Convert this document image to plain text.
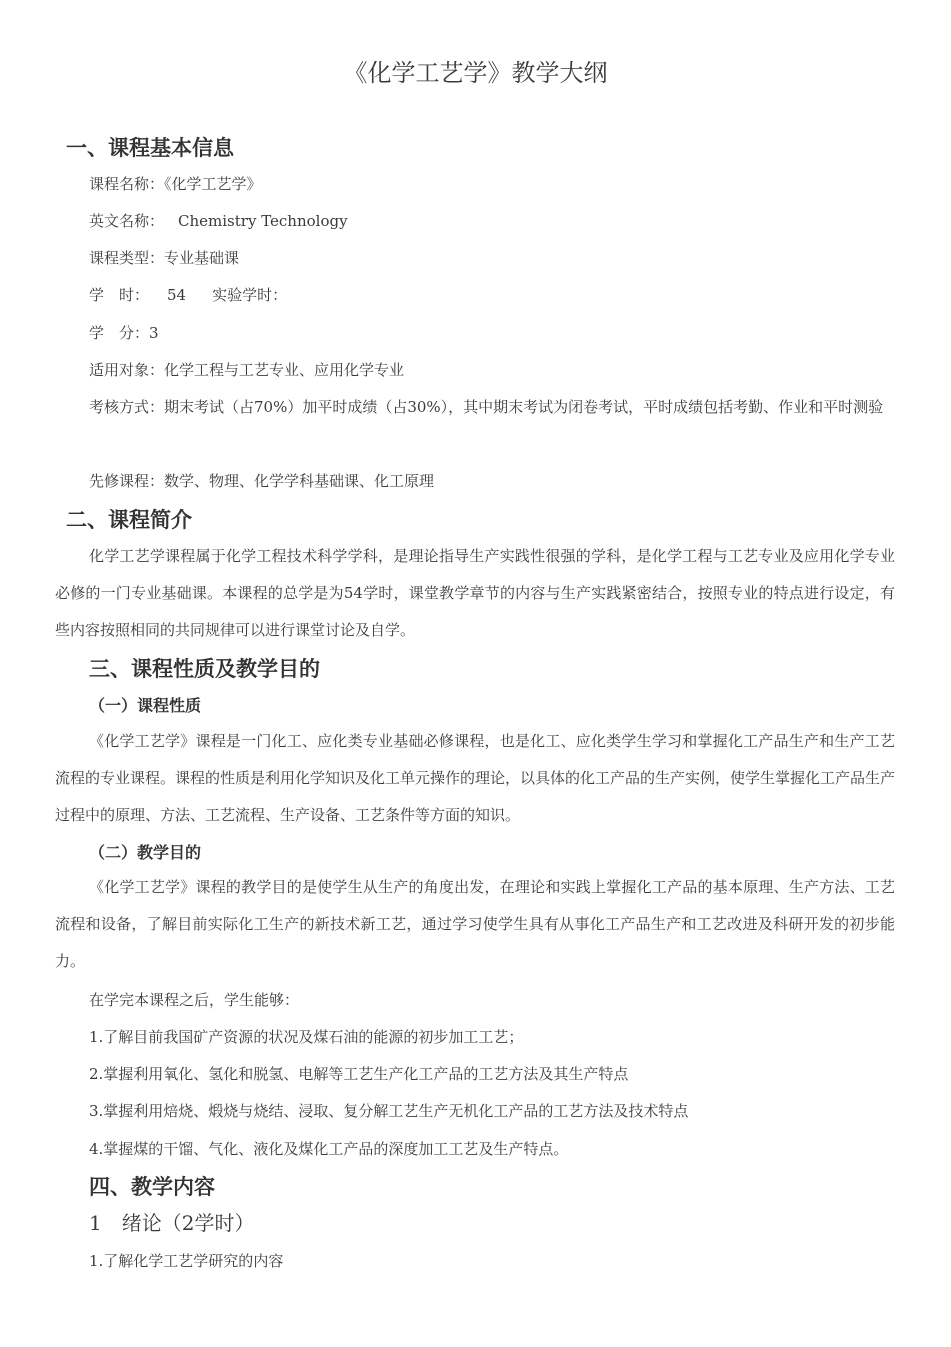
《化学工艺学》教学大纲
一、课程基本信息
课程名称：《化学工艺学》
英文名称： Chemistry Technology
课程类型：专业基础课
学　时： 54 实验学时：
学　分：3
适用对象：化学工程与工艺专业、应用化学专业

考核方式：期末考试（占70%）加平时成绩（占30%），其中期末考试为闭卷考试，平时成绩包括考勤、作业和平时测验

先修课程：数学、物理、化学学科基础课、化工原理
二、课程简介

化学工艺学课程属于化学工程技术科学学科，是理论指导生产实践性很强的学科，是化学工程与工艺专业及应用化学专业必修的一门专业基础课。本课程的总学是为54学时，课堂教学章节的内容与生产实践紧密结合，按照专业的特点进行设定，有些内容按照相同的共同规律可以进行课堂讨论及自学。

三、课程性质及教学目的
（一）课程性质

《化学工艺学》课程是一门化工、应化类专业基础必修课程，也是化工、应化类学生学习和掌握化工产品生产和生产工艺流程的专业课程。课程的性质是利用化学知识及化工单元操作的理论，以具体的化工产品的生产实例，使学生掌握化工产品生产过程中的原理、方法、工艺流程、生产设备、工艺条件等方面的知识。

（二）教学目的

《化学工艺学》课程的教学目的是使学生从生产的角度出发，在理论和实践上掌握化工产品的基本原理、生产方法、工艺流程和设备，了解目前实际化工生产的新技术新工艺，通过学习使学生具有从事化工产品生产和工艺改进及科研开发的初步能力。

在学完本课程之后，学生能够：
1.了解目前我国矿产资源的状况及煤石油的能源的初步加工工艺；
2.掌握利用氧化、氢化和脱氢、电解等工艺生产化工产品的工艺方法及其生产特点
3.掌握利用焙烧、煅烧与烧结、浸取、复分解工艺生产无机化工产品的工艺方法及技术特点
4.掌握煤的干馏、气化、液化及煤化工产品的深度加工工艺及生产特点。
四、教学内容
1　绪论（2学时）
1.了解化学工艺学研究的内容
